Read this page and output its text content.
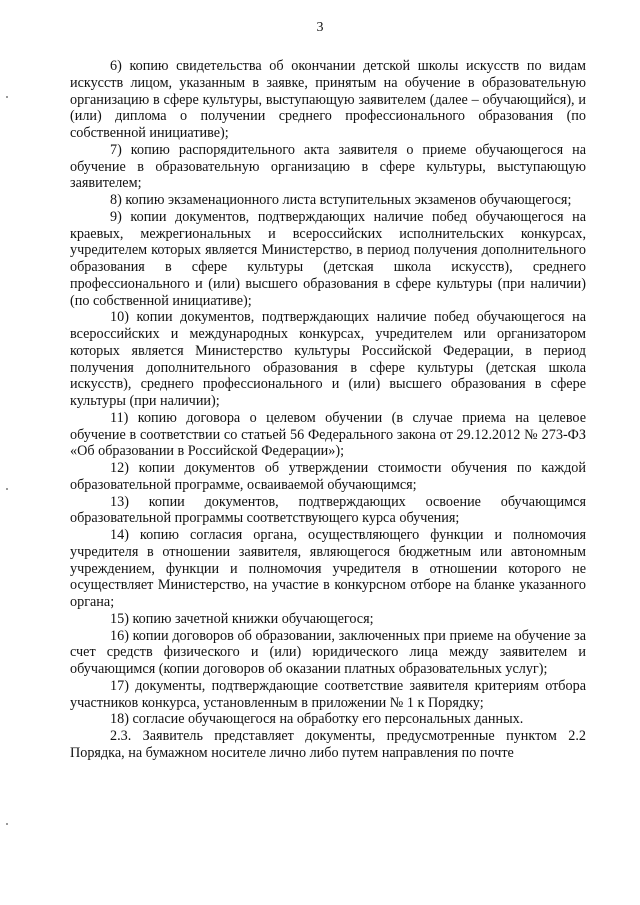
3

6) копию свидетельства об окончании детской школы искусств по видам искусств лицом, указанным в заявке, принятым на обучение в образовательную организацию в сфере культуры, выступающую заявителем (далее – обучающийся), и (или) диплома о получении среднего профессионального образования (по собственной инициативе);

7) копию распорядительного акта заявителя о приеме обучающегося на обучение в образовательную организацию в сфере культуры, выступающую заявителем;

8) копию экзаменационного листа вступительных экзаменов обучающегося;

9) копии документов, подтверждающих наличие побед обучающегося на краевых, межрегиональных и всероссийских исполнительских конкурсах, учредителем которых является Министерство, в период получения дополнительного образования в сфере культуры (детская школа искусств), среднего профессионального и (или) высшего образования в сфере культуры (при наличии) (по собственной инициативе);

10) копии документов, подтверждающих наличие побед обучающегося на всероссийских и международных конкурсах, учредителем или организатором которых является Министерство культуры Российской Федерации, в период получения дополнительного образования в сфере культуры (детская школа искусств), среднего профессионального и (или) высшего образования в сфере культуры (при наличии);

11) копию договора о целевом обучении (в случае приема на целевое обучение в соответствии со статьей 56 Федерального закона от 29.12.2012 № 273-ФЗ «Об образовании в Российской Федерации»);

12) копии документов об утверждении стоимости обучения по каждой образовательной программе, осваиваемой обучающимся;

13) копии документов, подтверждающих освоение обучающимся образовательной программы соответствующего курса обучения;

14) копию согласия органа, осуществляющего функции и полномочия учредителя в отношении заявителя, являющегося бюджетным или автономным учреждением, функции и полномочия учредителя в отношении которого не осуществляет Министерство, на участие в конкурсном отборе на бланке указанного органа;

15) копию зачетной книжки обучающегося;

16) копии договоров об образовании, заключенных при приеме на обучение за счет средств физического и (или) юридического лица между заявителем и обучающимся (копии договоров об оказании платных образовательных услуг);

17) документы, подтверждающие соответствие заявителя критериям отбора участников конкурса, установленным в приложении № 1 к Порядку;

18) согласие обучающегося на обработку его персональных данных.

2.3. Заявитель представляет документы, предусмотренные пунктом 2.2 Порядка, на бумажном носителе лично либо путем направления по почте
